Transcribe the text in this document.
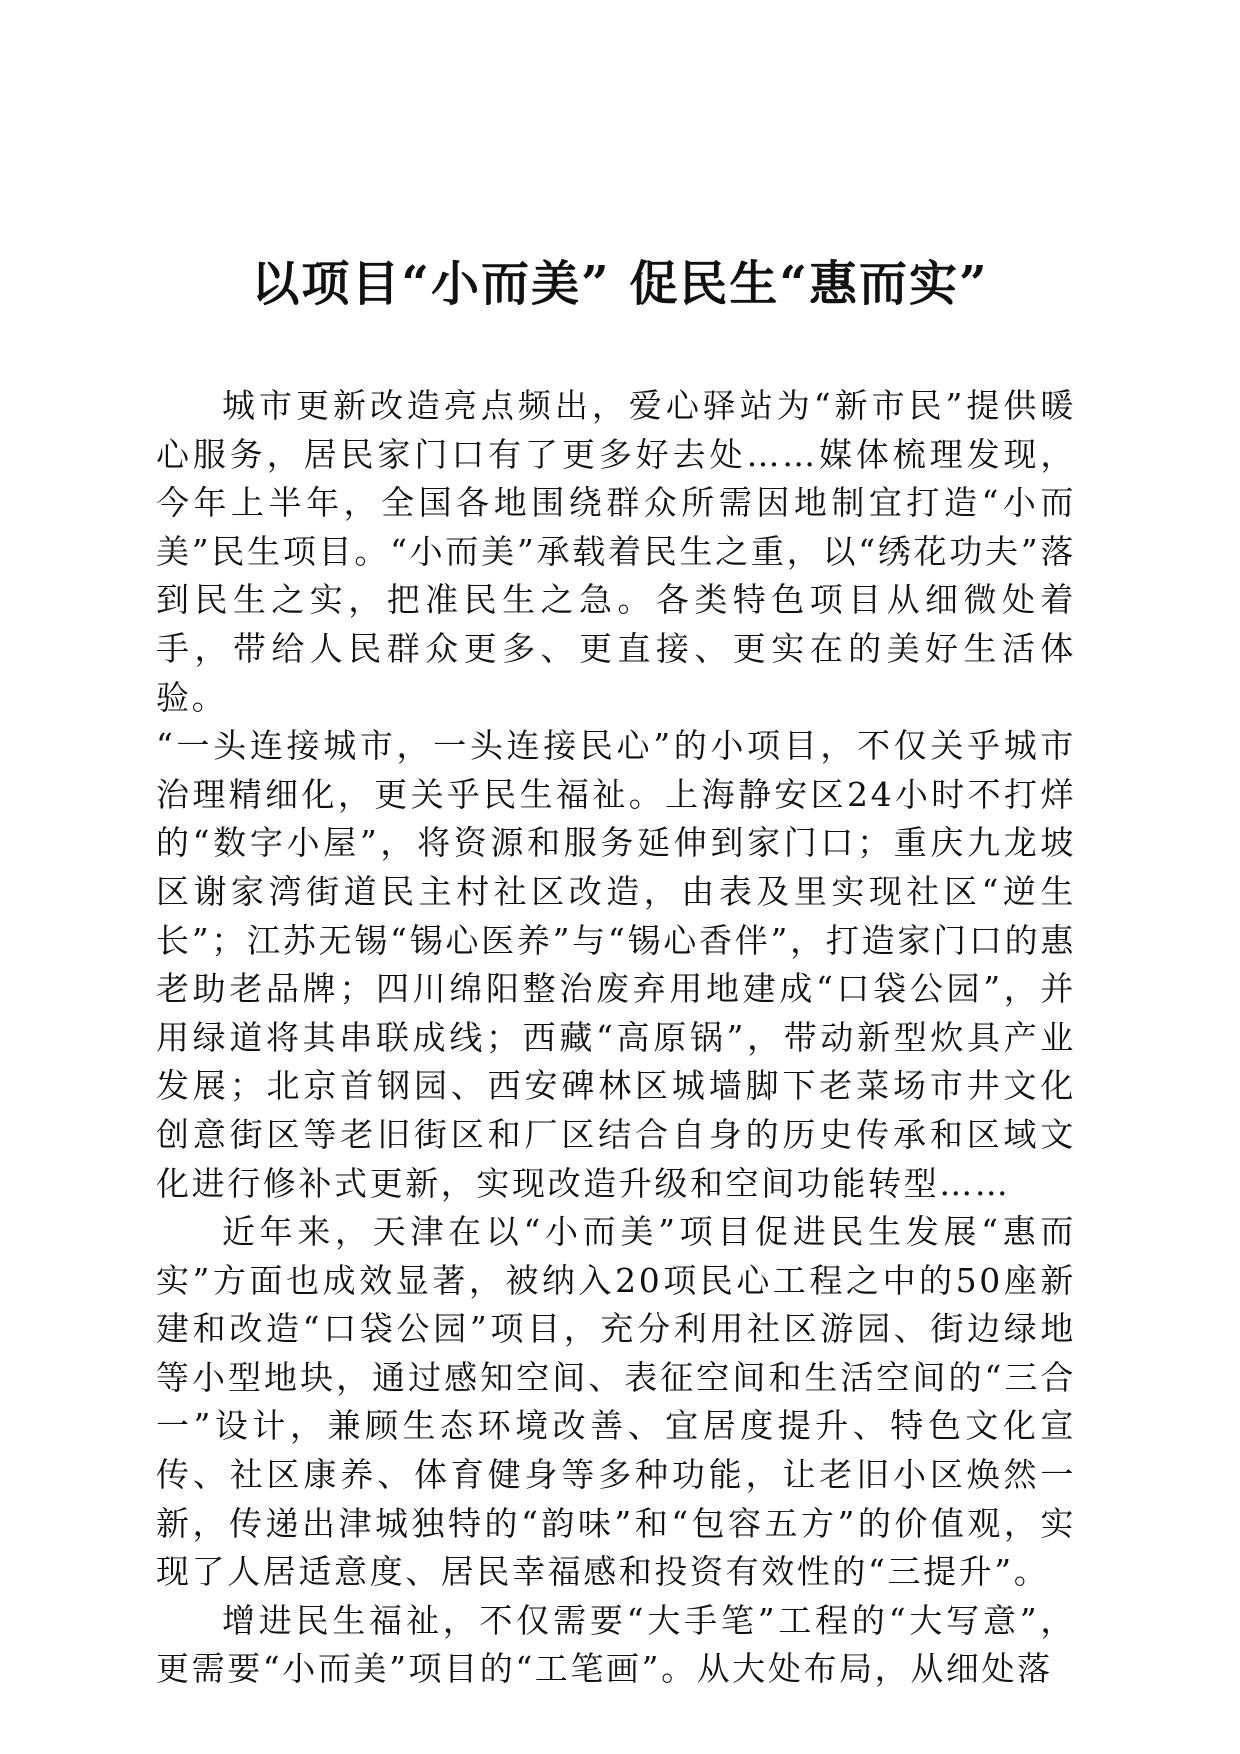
以项目“小而美” 促民生“惠而实”

城市更新改造亮点频出，爱心驿站为“新市民”提供暖心服务，居民家门口有了更多好去处……媒体梳理发现，今年上半年，全国各地围绕群众所需因地制宜打造“小而美”民生项目。“小而美”承载着民生之重，以“绣花功夫”落到民生之实，把准民生之急。各类特色项目从细微处着手，带给人民群众更多、更直接、更实在的美好生活体验。

“一头连接城市，一头连接民心”的小项目，不仅关乎城市治理精细化，更关乎民生福祉。上海静安区24小时不打烊的“数字小屋”，将资源和服务延伸到家门口；重庆九龙坡区谢家湾街道民主村社区改造，由表及里实现社区“逆生长”；江苏无锡“锡心医养”与“锡心香伴”，打造家门口的惠老助老品牌；四川绵阳整治废弃用地建成“口袋公园”，并用绿道将其串联成线；西藏“高原锅”，带动新型炊具产业发展；北京首钢园、西安碑林区城墙脚下老菜场市井文化创意街区等老旧街区和厂区结合自身的历史传承和区域文化进行修补式更新，实现改造升级和空间功能转型……

近年来，天津在以“小而美”项目促进民生发展“惠而实”方面也成效显著，被纳入20项民心工程之中的50座新建和改造“口袋公园”项目，充分利用社区游园、街边绿地等小型地块，通过感知空间、表征空间和生活空间的“三合一”设计，兼顾生态环境改善、宜居度提升、特色文化宣传、社区康养、体育健身等多种功能，让老旧小区焕然一新，传递出津城独特的“韵味”和“包容五方”的价值观，实现了人居适意度、居民幸福感和投资有效性的“三提升”。

增进民生福祉，不仅需要“大手笔”工程的“大写意”，更需要“小而美”项目的“工笔画”。从大处布局，从细处落
